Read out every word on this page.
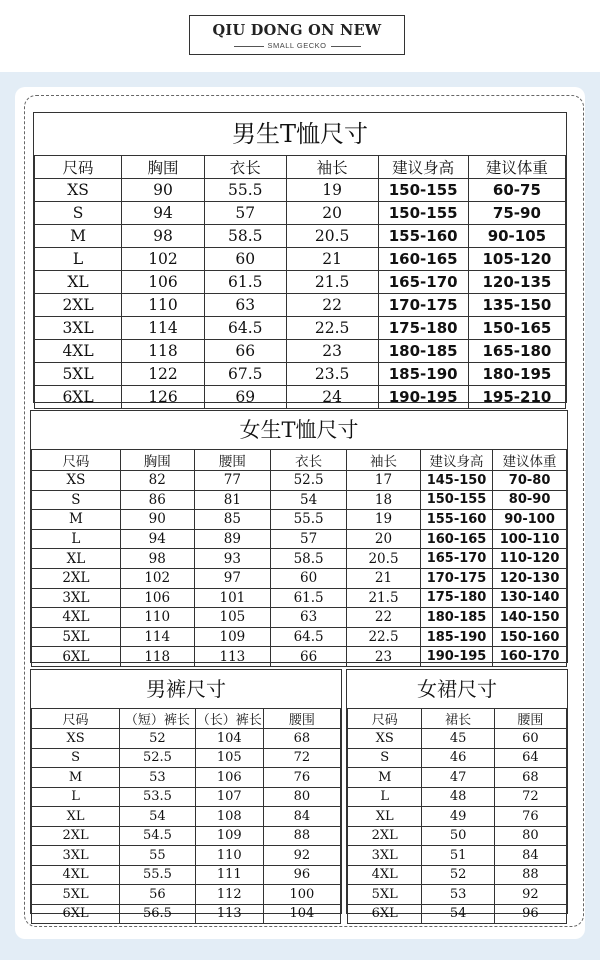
QIU DONG ON NEW
SMALL GECKO
男生T恤尺寸
尺码	胸围	衣长	袖长	建议身高	建议体重
XS	90	55.5	19	150-155	60-75
S	94	57	20	150-155	75-90
M	98	58.5	20.5	155-160	90-105
L	102	60	21	160-165	105-120
XL	106	61.5	21.5	165-170	120-135
2XL	110	63	22	170-175	135-150
3XL	114	64.5	22.5	175-180	150-165
4XL	118	66	23	180-185	165-180
5XL	122	67.5	23.5	185-190	180-195
6XL	126	69	24	190-195	195-210
女生T恤尺寸
尺码	胸围	腰围	衣长	袖长	建议身高	建议体重
XS	82	77	52.5	17	145-150	70-80
S	86	81	54	18	150-155	80-90
M	90	85	55.5	19	155-160	90-100
L	94	89	57	20	160-165	100-110
XL	98	93	58.5	20.5	165-170	110-120
2XL	102	97	60	21	170-175	120-130
3XL	106	101	61.5	21.5	175-180	130-140
4XL	110	105	63	22	180-185	140-150
5XL	114	109	64.5	22.5	185-190	150-160
6XL	118	113	66	23	190-195	160-170
男裤尺寸
尺码	（短）裤长	（长）裤长	腰围
XS	52	104	68
S	52.5	105	72
M	53	106	76
L	53.5	107	80
XL	54	108	84
2XL	54.5	109	88
3XL	55	110	92
4XL	55.5	111	96
5XL	56	112	100
6XL	56.5	113	104
女裙尺寸
尺码	裙长	腰围
XS	45	60
S	46	64
M	47	68
L	48	72
XL	49	76
2XL	50	80
3XL	51	84
4XL	52	88
5XL	53	92
6XL	54	96
